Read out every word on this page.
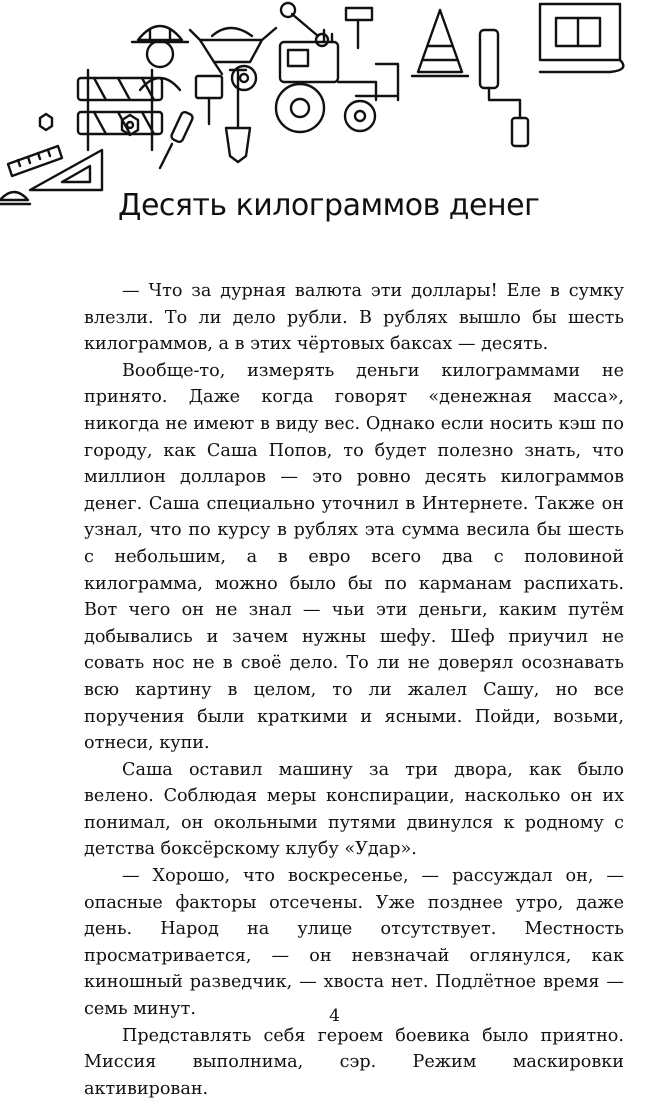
Десять килограммов денег

— Что за дурная валюта эти доллары! Еле в сумку влезли. То ли дело рубли. В рублях вышло бы шесть килограммов, а в этих чёртовых баксах — десять.

Вообще-то, измерять деньги килограммами не принято. Даже когда говорят «денежная масса», никогда не имеют в виду вес. Однако если носить кэш по городу, как Саша Попов, то будет полезно знать, что миллион долларов — это ровно десять килограммов денег. Саша специально уточнил в Интернете. Также он узнал, что по курсу в рублях эта сумма весила бы шесть с небольшим, а в евро всего два с половиной килограмма, можно было бы по карманам распихать. Вот чего он не знал — чьи эти деньги, каким путём добывались и зачем нужны шефу. Шеф приучил не совать нос не в своё дело. То ли не доверял осознавать всю картину в целом, то ли жалел Сашу, но все поручения были краткими и ясными. Пойди, возьми, отнеси, купи.

Саша оставил машину за три двора, как было велено. Соблюдая меры конспирации, насколько он их понимал, он окольными путями двинулся к родному с детства боксёрскому клубу «Удар».

— Хорошо, что воскресенье, — рассуждал он, — опасные факторы отсечены. Уже позднее утро, даже день. Народ на улице отсутствует. Местность просматривается, — он невзначай оглянулся, как киношный разведчик, — хвоста нет. Подлётное время — семь минут.

Представлять себя героем боевика было приятно. Миссия выполнима, сэр. Режим маскировки активирован.

4
